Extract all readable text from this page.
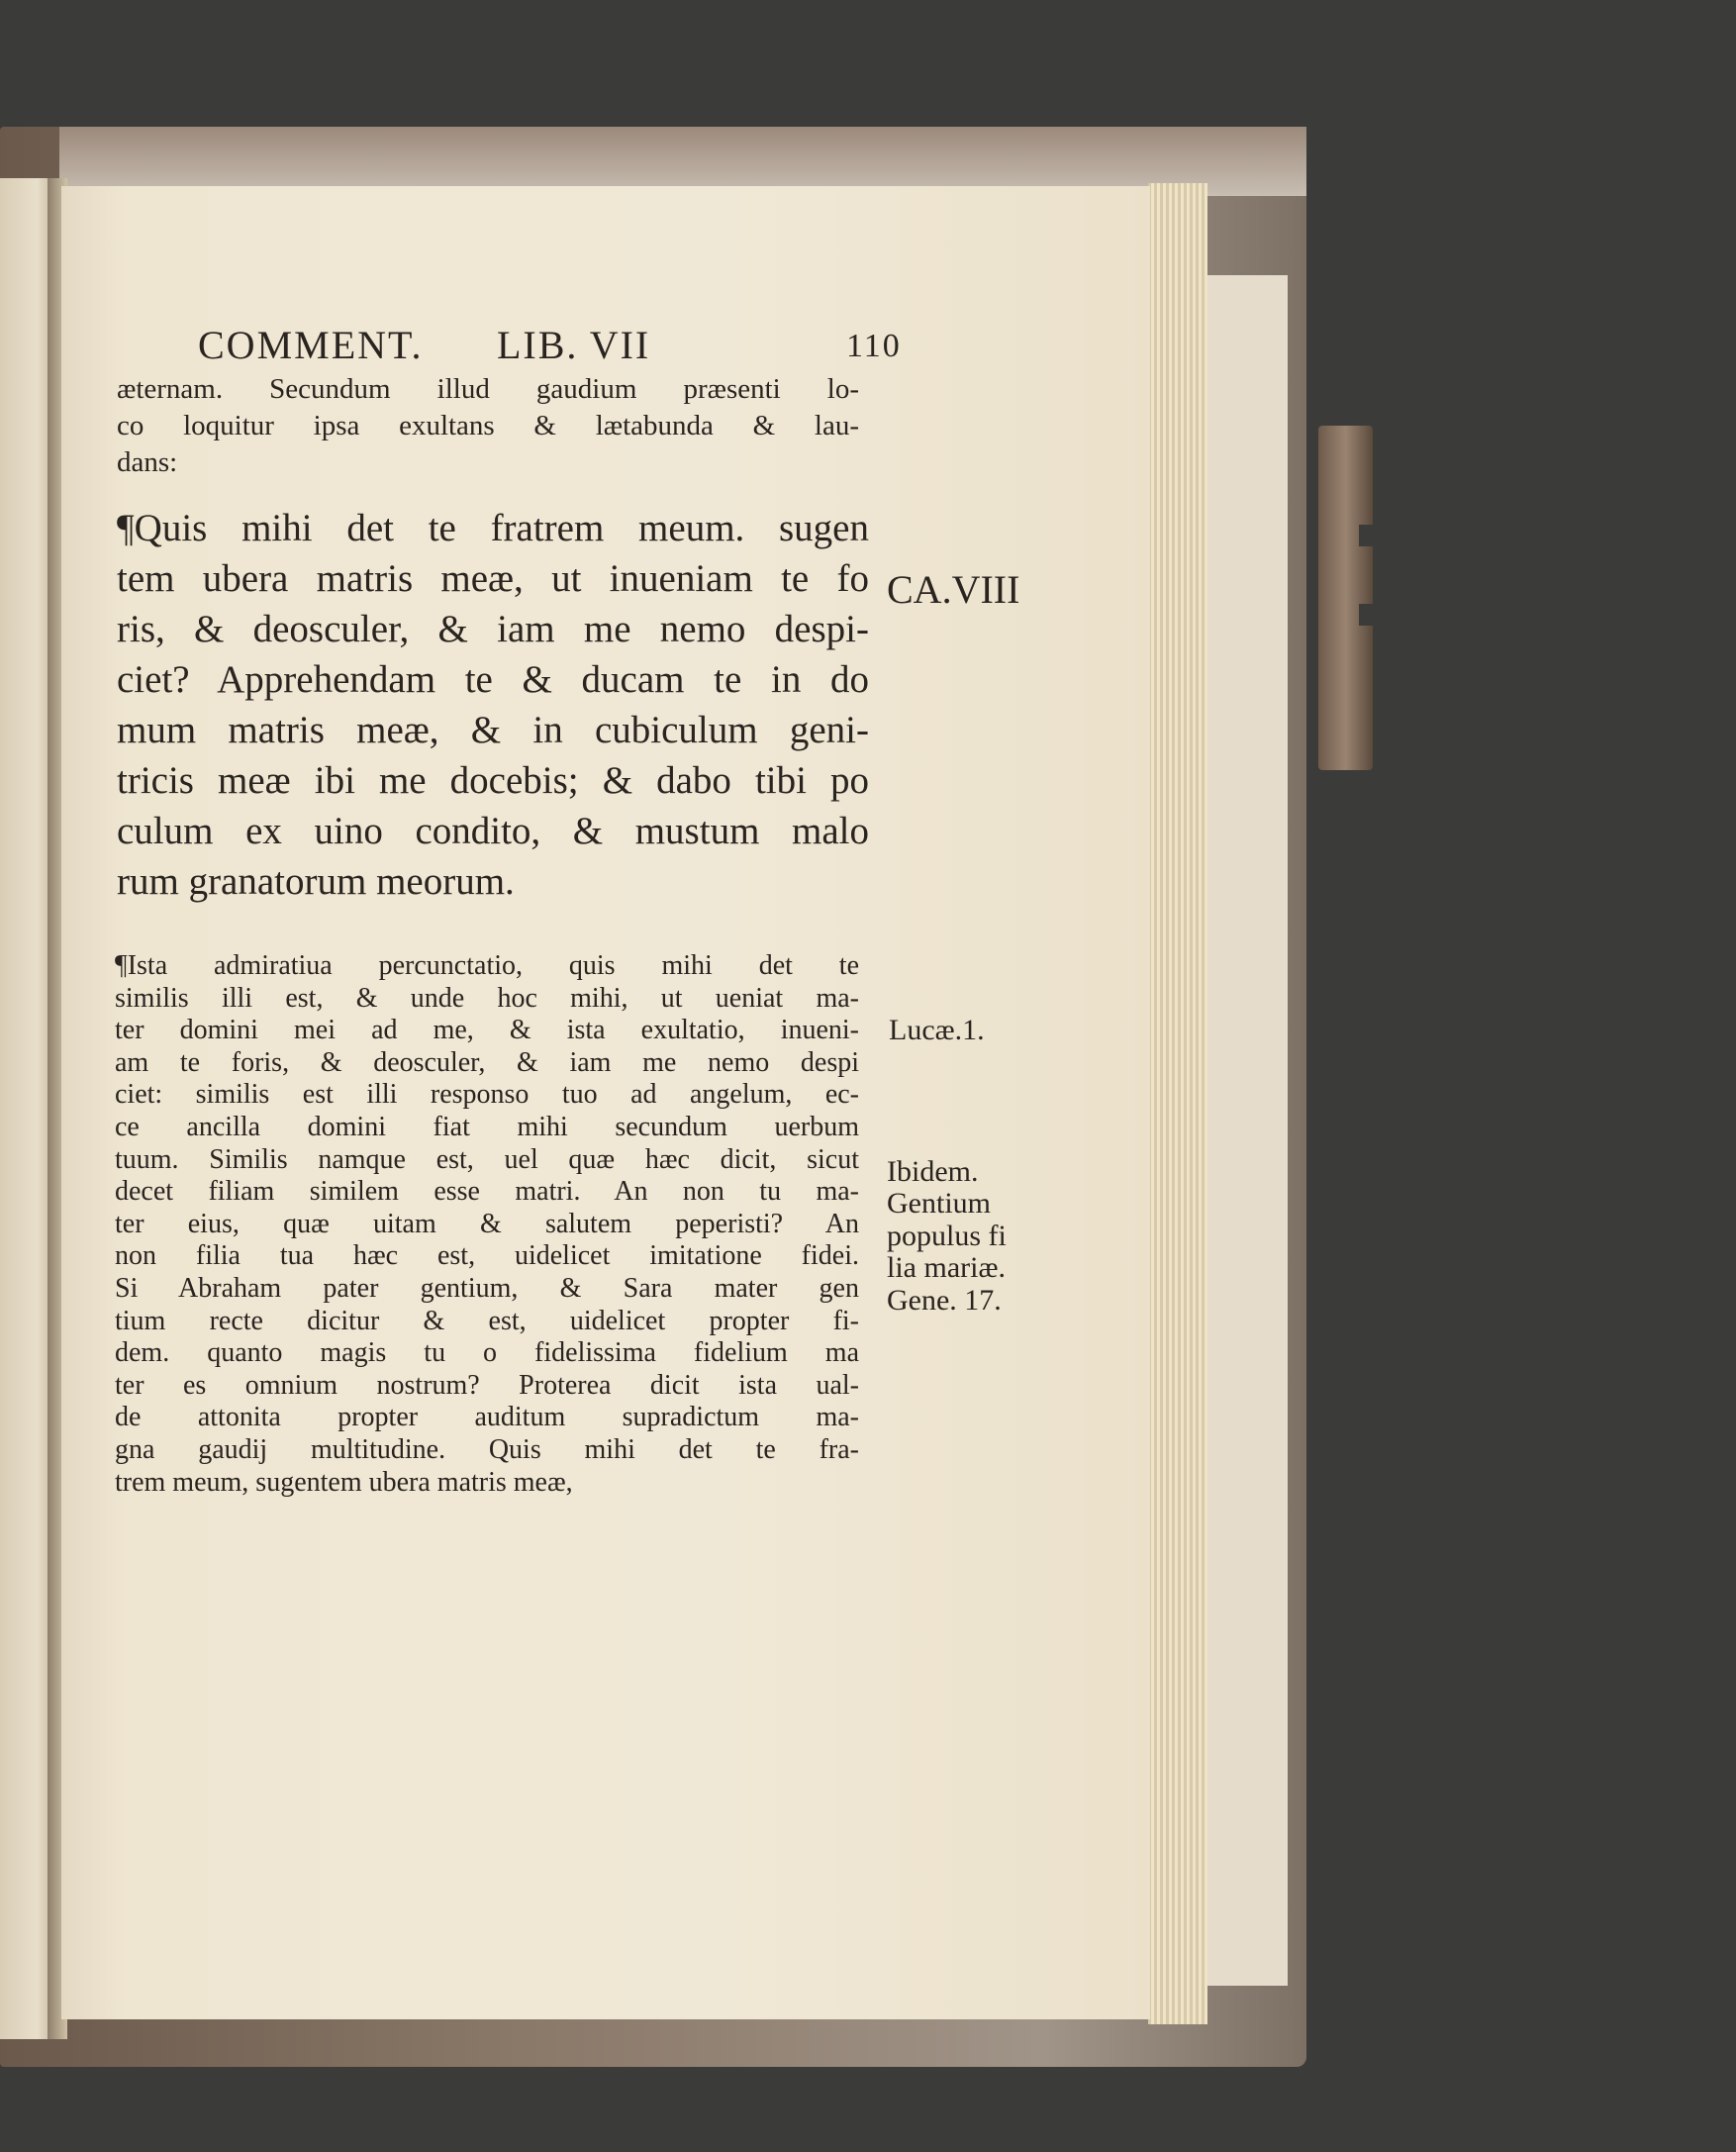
COMMENT. LIB. VII	110
æternam. Secundum illud gaudium præsenti lo-
co loquitur ipsa exultans & lætabunda & lau-
dans:
¶Quis mihi det te fratrem meum. sugen
tem ubera matris meæ, ut inueniam te fo
ris, & deosculer, & iam me nemo despi-
ciet? Apprehendam te & ducam te in do
mum matris meæ, & in cubiculum geni-
tricis meæ ibi me docebis; & dabo tibi po
culum ex uino condito, & mustum malo
rum granatorum meorum.
¶Ista admiratiua percunctatio, quis mihi det te
similis illi est, & unde hoc mihi, ut ueniat ma-
ter domini mei ad me, & ista exultatio, inueni-
am te foris, & deosculer, & iam me nemo despi
ciet: similis est illi responso tuo ad angelum, ec-
ce ancilla domini fiat mihi secundum uerbum
tuum. Similis namque est, uel quæ hæc dicit, sicut
decet filiam similem esse matri. An non tu ma-
ter eius, quæ uitam & salutem peperisti? An
non filia tua hæc est, uidelicet imitatione fidei.
Si Abraham pater gentium, & Sara mater gen
tium recte dicitur & est, uidelicet propter fi-
dem. quanto magis tu o fidelissima fidelium ma
ter es omnium nostrum? Proterea dicit ista ual-
de attonita propter auditum supradictum ma-
gna gaudij multitudine. Quis mihi det te fra-
trem meum, sugentem ubera matris meæ,
CA.VIII
Lucæ.1.
Ibidem.
Gentium
populus fi
lia mariæ.
Gene. 17.
